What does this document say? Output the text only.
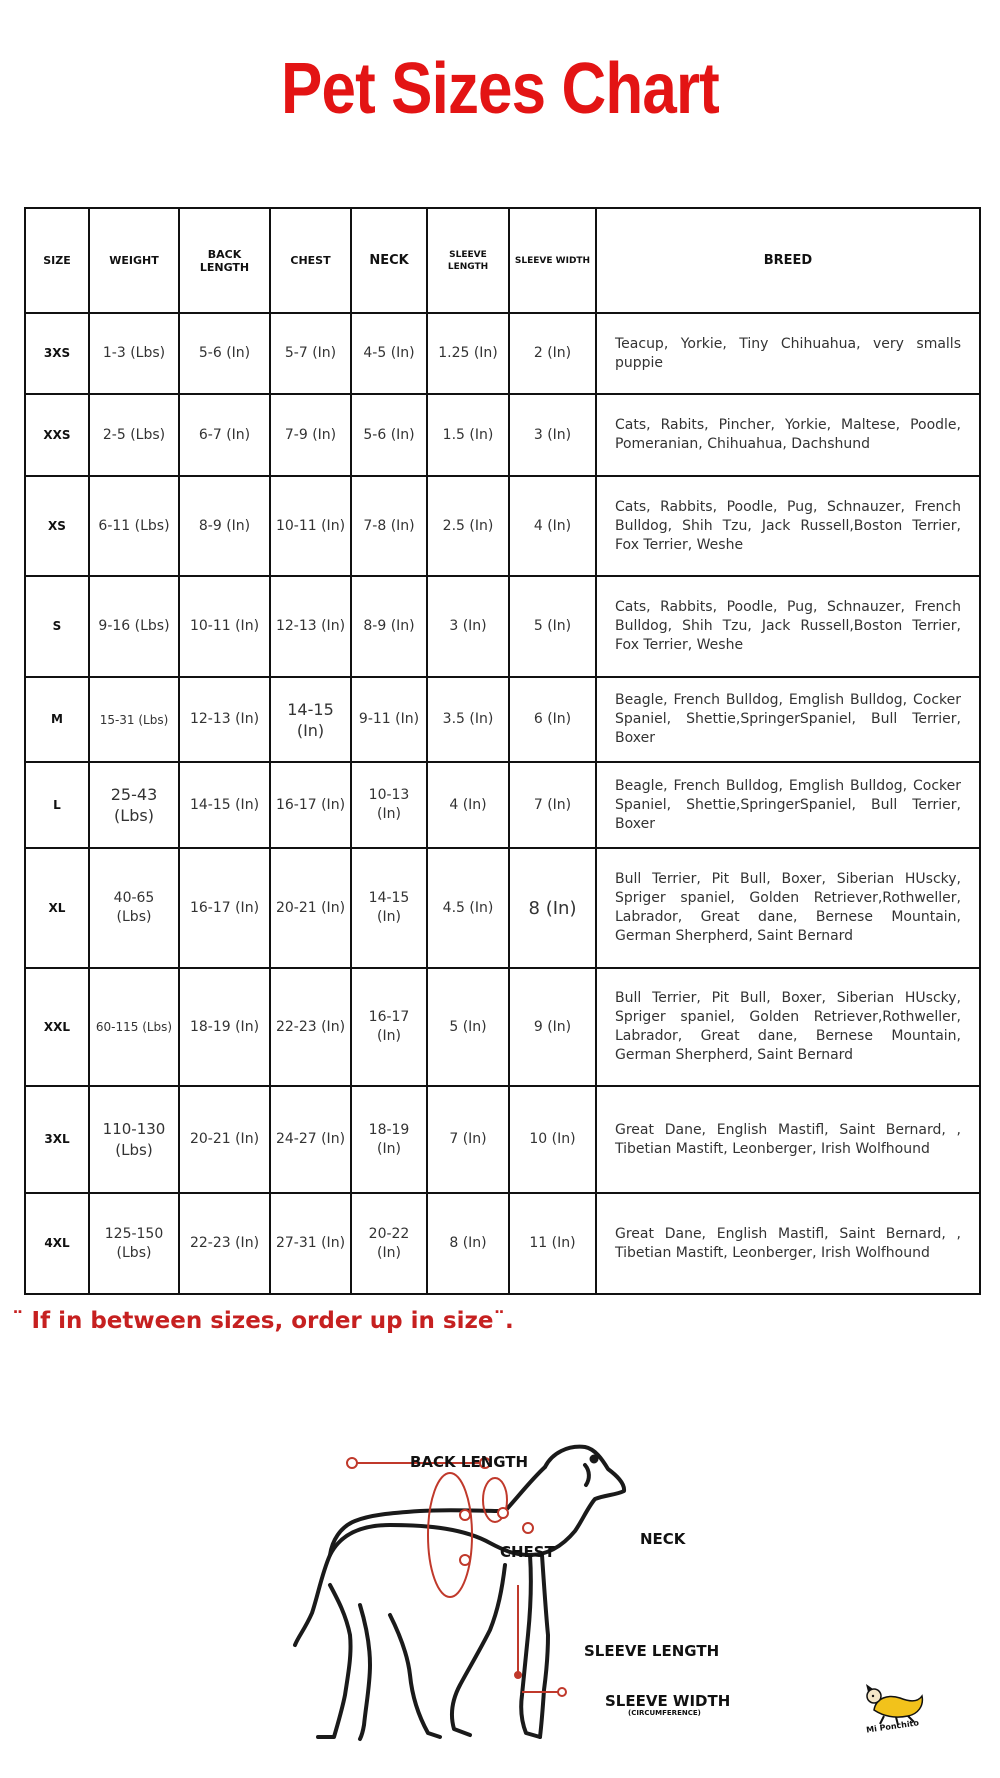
Pet Sizes Chart
SIZE	WEIGHT	BACK LENGTH	CHEST	NECK	SLEEVE LENGTH	SLEEVE WIDTH	BREED
3XS	1-3 (Lbs)	5-6 (In)	5-7 (In)	4-5 (In)	1.25 (In)	2 (In)	Teacup, Yorkie, Tiny Chihuahua, very smalls puppie
XXS	2-5 (Lbs)	6-7 (In)	7-9 (In)	5-6 (In)	1.5 (In)	3 (In)	Cats, Rabits, Pincher, Yorkie, Maltese, Poodle, Pomeranian, Chihuahua, Dachshund
XS	6-11 (Lbs)	8-9 (In)	10-11 (In)	7-8 (In)	2.5 (In)	4 (In)	Cats, Rabbits, Poodle, Pug, Schnauzer, French Bulldog, Shih Tzu, Jack Russell,Boston Terrier, Fox Terrier, Weshe
S	9-16 (Lbs)	10-11 (In)	12-13 (In)	8-9 (In)	3 (In)	5 (In)	Cats, Rabbits, Poodle, Pug, Schnauzer, French Bulldog, Shih Tzu, Jack Russell,Boston Terrier, Fox Terrier, Weshe
M	15-31 (Lbs)	12-13 (In)	14-15 (In)	9-11 (In)	3.5 (In)	6 (In)	Beagle, French Bulldog, Emglish Bulldog, Cocker Spaniel, Shettie,SpringerSpaniel, Bull Terrier, Boxer
L	25-43 (Lbs)	14-15 (In)	16-17 (In)	10-13 (In)	4 (In)	7 (In)	Beagle, French Bulldog, Emglish Bulldog, Cocker Spaniel, Shettie,SpringerSpaniel, Bull Terrier, Boxer
XL	40-65 (Lbs)	16-17 (In)	20-21 (In)	14-15 (In)	4.5 (In)	8 (In)	Bull Terrier, Pit Bull, Boxer, Siberian HUscky, Spriger spaniel, Golden Retriever,Rothweller, Labrador, Great dane, Bernese Mountain, German Sherpherd, Saint Bernard
XXL	60-115 (Lbs)	18-19 (In)	22-23 (In)	16-17 (In)	5 (In)	9 (In)	Bull Terrier, Pit Bull, Boxer, Siberian HUscky, Spriger spaniel, Golden Retriever,Rothweller, Labrador, Great dane, Bernese Mountain, German Sherpherd, Saint Bernard
3XL	110-130 (Lbs)	20-21 (In)	24-27 (In)	18-19 (In)	7 (In)	10 (In)	Great Dane, English Mastifl, Saint Bernard, , Tibetian Mastift, Leonberger, Irish Wolfhound
4XL	125-150 (Lbs)	22-23 (In)	27-31 (In)	20-22 (In)	8 (In)	11 (In)	Great Dane, English Mastifl, Saint Bernard, , Tibetian Mastift, Leonberger, Irish Wolfhound
¨ If in between sizes, order up in size¨.
BACK LENGTH
CHEST
NECK
SLEEVE LENGTH
SLEEVE WIDTH
(CIRCUMFERENCE)
Mi Ponchito
